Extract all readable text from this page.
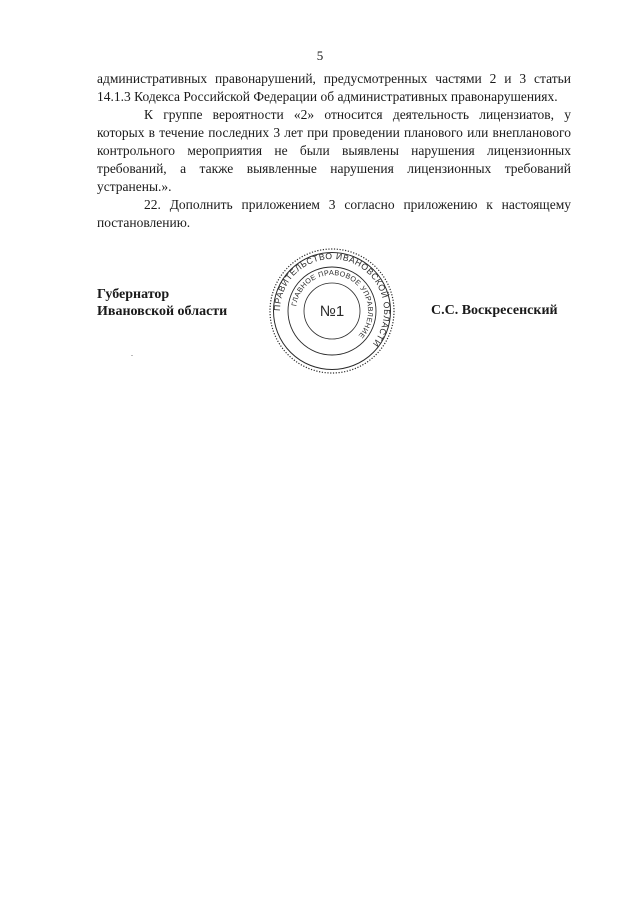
5

административных правонарушений, предусмотренных частями 2 и 3 статьи 14.1.3 Кодекса Российской Федерации об административных правонарушениях.

К группе вероятности «2» относится деятельность лицензиатов, у которых в течение последних 3 лет при проведении планового или внепланового контрольного мероприятия не были выявлены нарушения лицензионных требований, а также выявленные нарушения лицензионных требований устранены.».

22. Дополнить приложением 3 согласно приложению к настоящему постановлению.

Губернатор
Ивановской области	С.С. Воскресенский
ПРАВИТЕЛЬСТВО ИВАНОВСКОЙ ОБЛАСТИ
ГЛАВНОЕ ПРАВОВОЕ УПРАВЛЕНИЕ
№1
